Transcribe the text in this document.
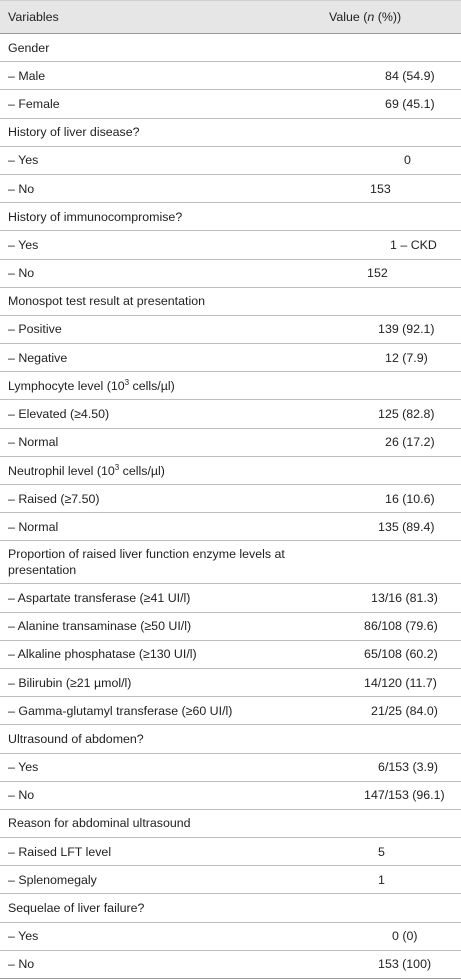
Variables	Value (n (%))
Gender	
– Male	84 (54.9)
– Female	69 (45.1)
History of liver disease?	
– Yes	0
– No	153
History of immunocompromise?	
– Yes	1 – CKD
– No	152
Monospot test result at presentation	
– Positive	139 (92.1)
– Negative	12 (7.9)
Lymphocyte level ($10^3$ cells/µl)	
– Elevated (≥4.50)	125 (82.8)
– Normal	26 (17.2)
Neutrophil level ($10^3$ cells/µl)	
– Raised (≥7.50)	16 (10.6)
– Normal	135 (89.4)
Proportion of raised liver function enzyme levels at presentation	
– Aspartate transferase (≥41 UI/l)	13/16 (81.3)
– Alanine transaminase (≥50 UI/l)	86/108 (79.6)
– Alkaline phosphatase (≥130 UI/l)	65/108 (60.2)
– Bilirubin (≥21 µmol/l)	14/120 (11.7)
– Gamma-glutamyl transferase (≥60 UI/l)	21/25 (84.0)
Ultrasound of abdomen?	
– Yes	6/153 (3.9)
– No	147/153 (96.1)
Reason for abdominal ultrasound	
– Raised LFT level	5
– Splenomegaly	1
Sequelae of liver failure?	
– Yes	0 (0)
– No	153 (100)
